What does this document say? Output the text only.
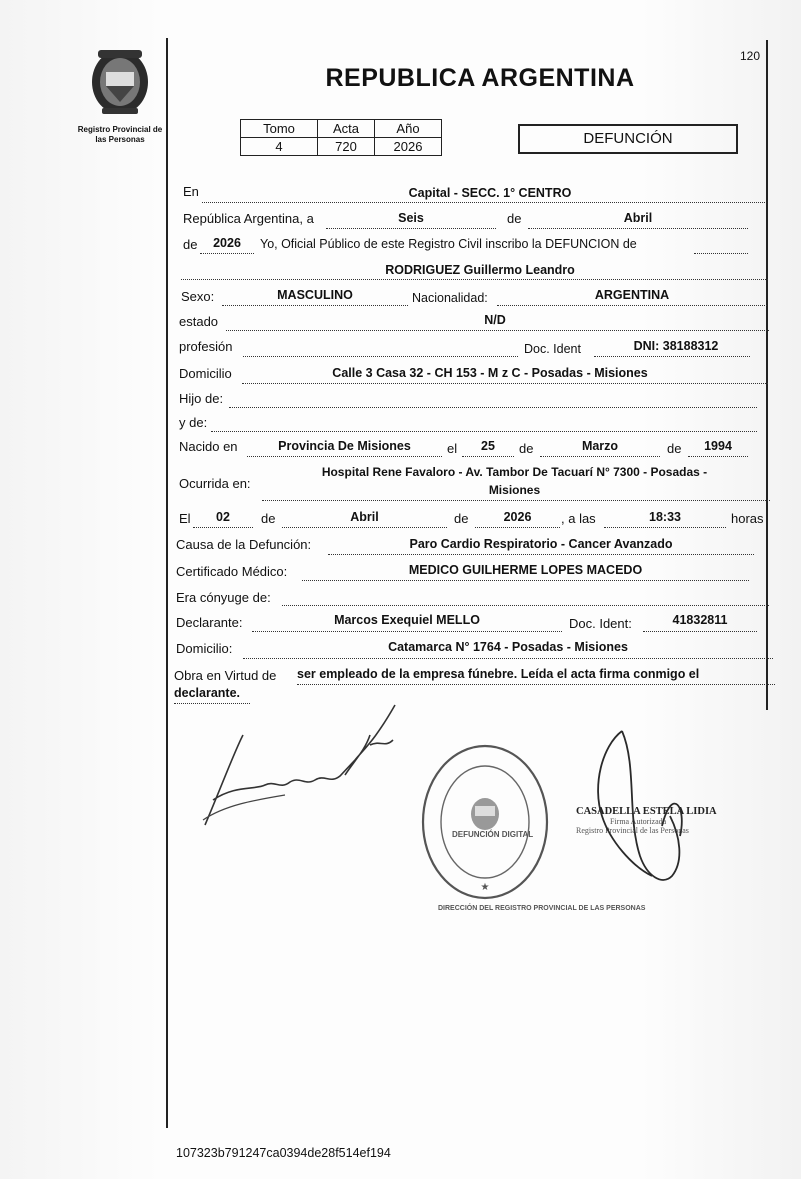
Registro Provincial de
las Personas
120
REPUBLICA ARGENTINA
Tomo	Acta	Año
4	720	2026	DEFUNCIÓN
En	Capital - SECC. 1° CENTRO
República Argentina, a	Seis	de	Abril
de	2026	Yo, Oficial Público de este Registro Civil inscribo la DEFUNCION de
RODRIGUEZ Guillermo Leandro
Sexo:	MASCULINO	Nacionalidad:	ARGENTINA
estado	N/D
profesión	Doc. Ident	DNI: 38188312
Domicilio	Calle 3 Casa 32 - CH 153 - M z C - Posadas - Misiones
Hijo de:
y de:
Nacido en	Provincia De Misiones	el	25	de	Marzo	de	1994
Ocurrida en:
Hospital Rene Favaloro - Av. Tambor De Tacuarí N° 7300 - Posadas -
Misiones
El	02	de	Abril	de	2026	, a las	18:33	horas
Causa de la Defunción:	Paro Cardio Respiratorio - Cancer Avanzado
Certificado Médico:	MEDICO GUILHERME LOPES MACEDO
Era cónyuge de:
Declarante:	Marcos Exequiel MELLO	Doc. Ident:	41832811
Domicilio:	Catamarca N° 1764 - Posadas - Misiones
Obra en Virtud de ser empleado de la empresa fúnebre. Leída el acta firma conmigo el
declarante.
★
DIRECCIÓN DEL REGISTRO PROVINCIAL DE LAS PERSONAS
DEFUNCIÓN DIGITAL
CASADELLA ESTELA LIDIA
Firma Autorizada
Registro Provincial de las Personas
107323b791247ca0394de28f514ef194
